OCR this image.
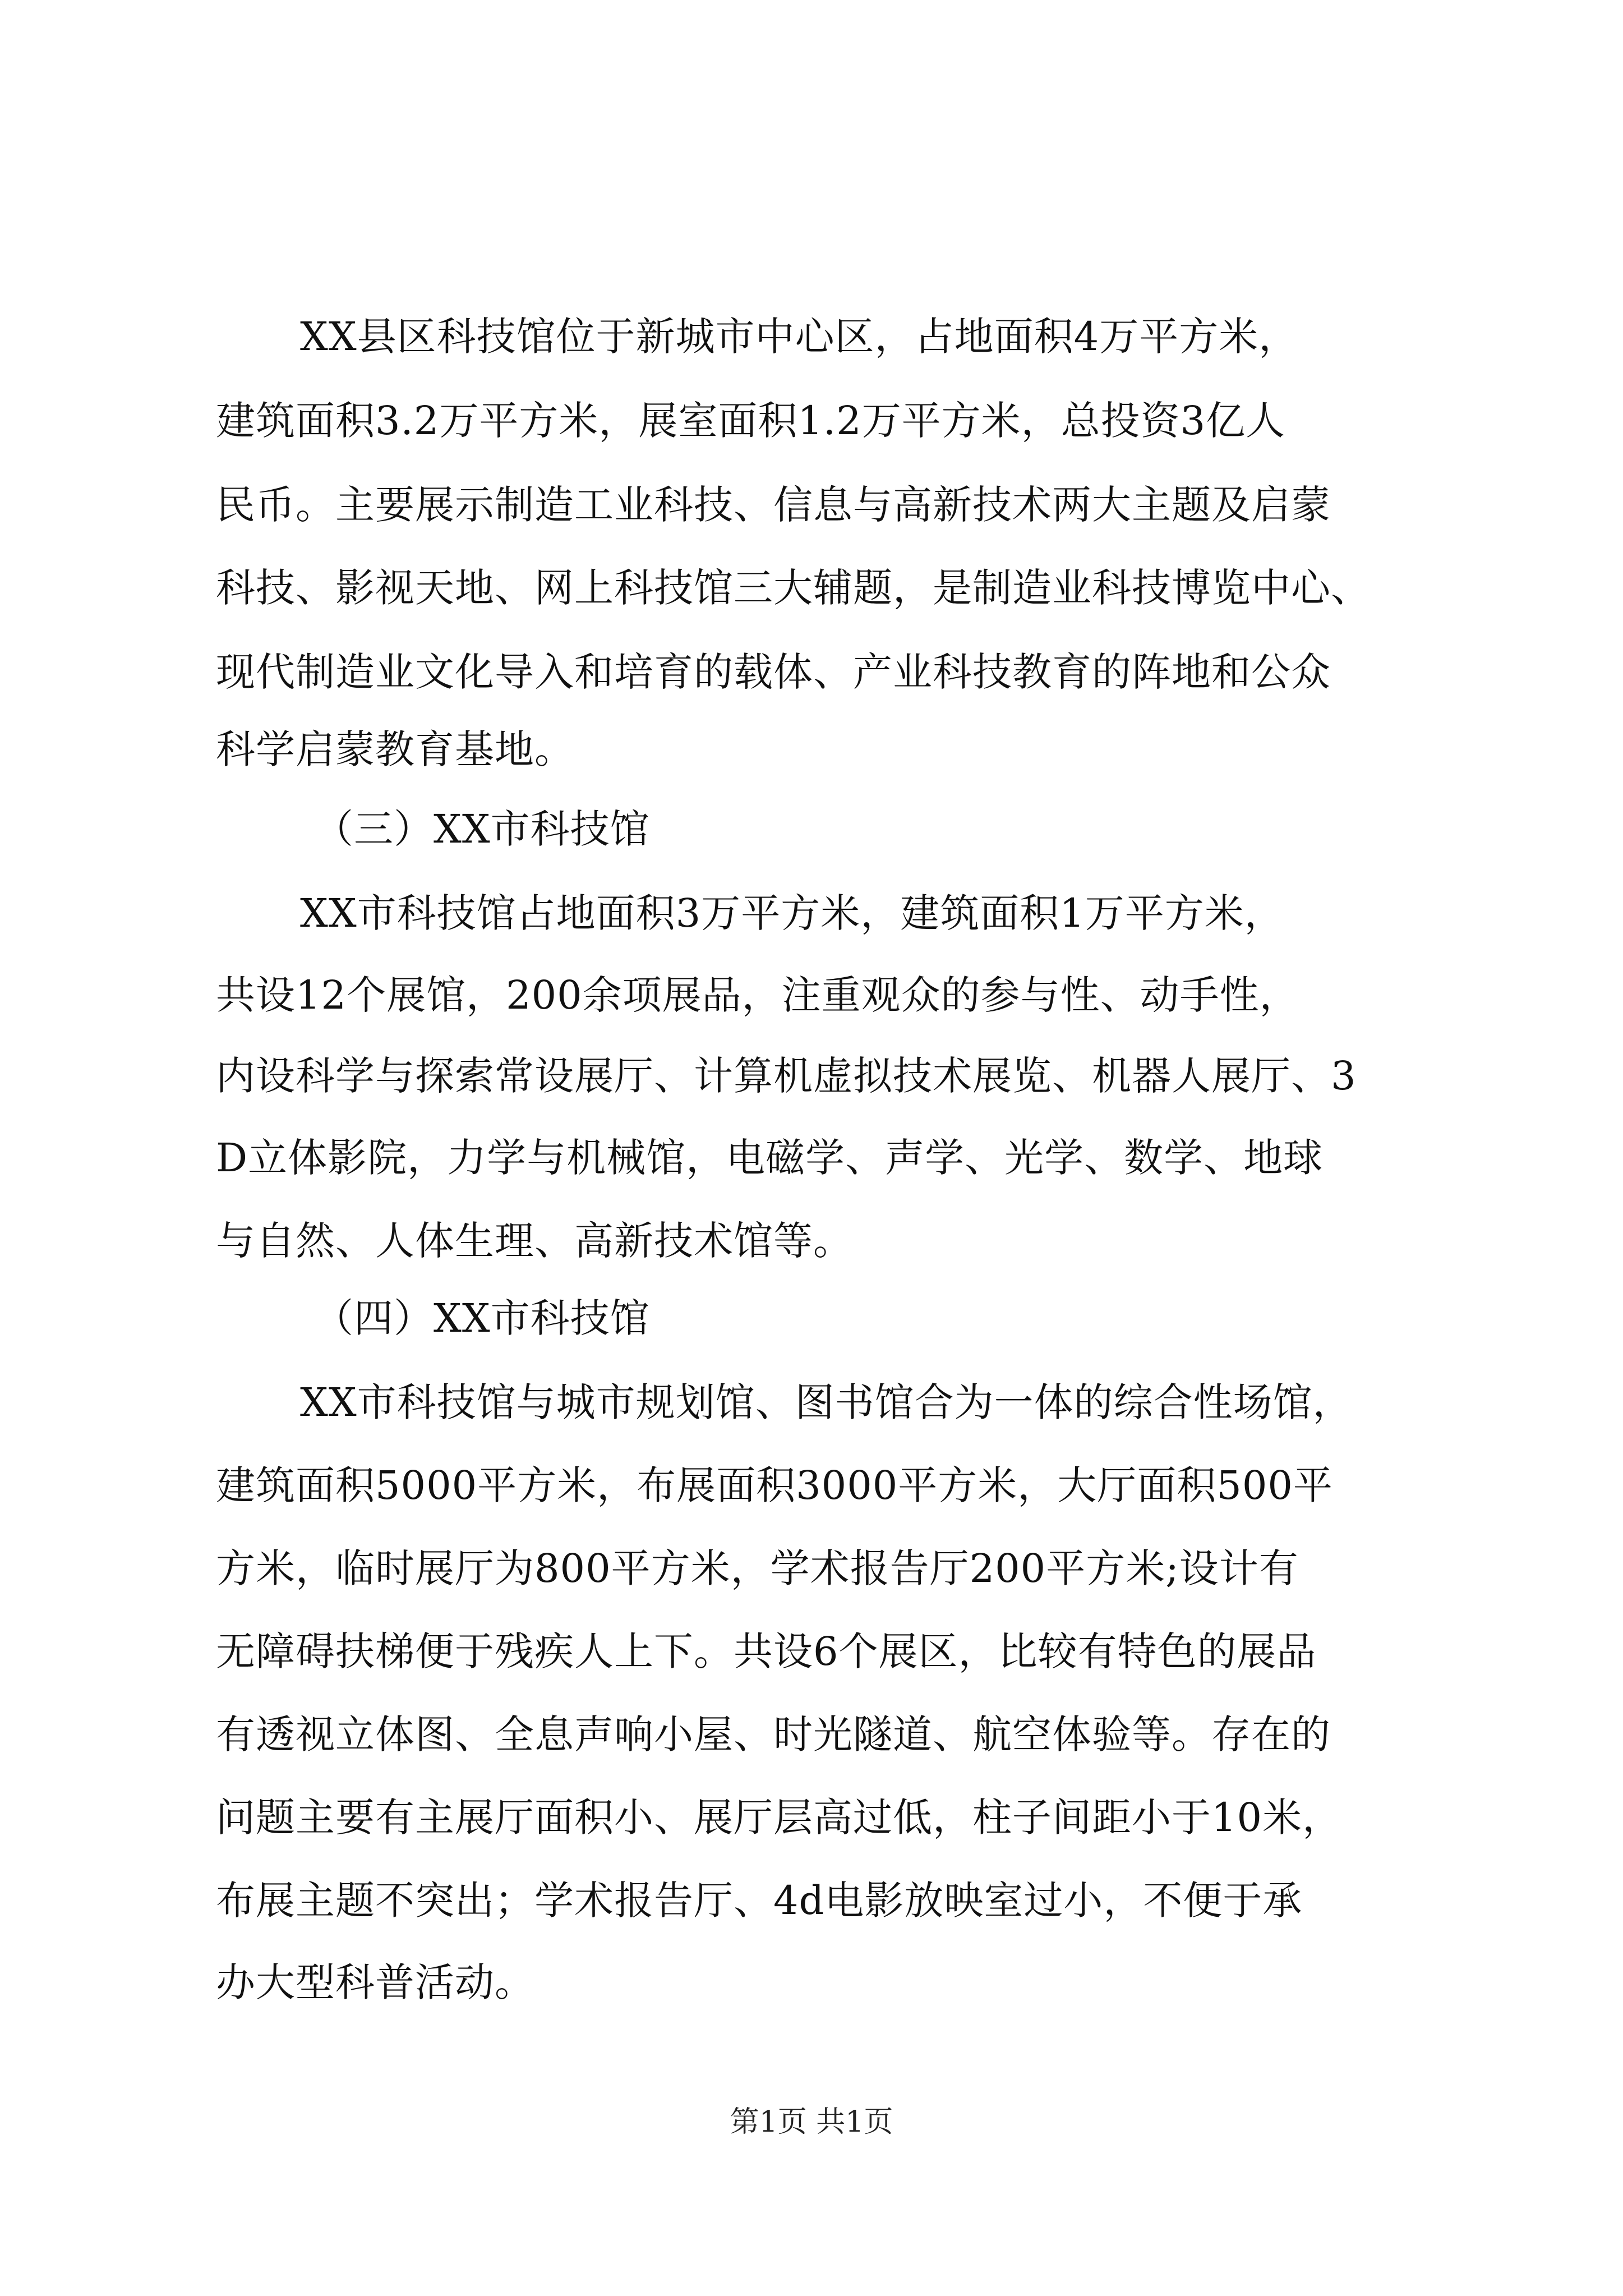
XX县区科技馆位于新城市中心区，占地面积4万平方米，
建筑面积3.2万平方米，展室面积1.2万平方米，总投资3亿人
民币。主要展示制造工业科技、信息与高新技术两大主题及启蒙
科技、影视天地、网上科技馆三大辅题，是制造业科技博览中心、
现代制造业文化导入和培育的载体、产业科技教育的阵地和公众
科学启蒙教育基地。
（三）XX市科技馆
XX市科技馆占地面积3万平方米，建筑面积1万平方米，
共设12个展馆，200余项展品，注重观众的参与性、动手性，
内设科学与探索常设展厅、计算机虚拟技术展览、机器人展厅、3
D立体影院，力学与机械馆，电磁学、声学、光学、数学、地球
与自然、人体生理、高新技术馆等。
（四）XX市科技馆
XX市科技馆与城市规划馆、图书馆合为一体的综合性场馆，
建筑面积5000平方米，布展面积3000平方米，大厅面积500平
方米，临时展厅为800平方米，学术报告厅200平方米;设计有
无障碍扶梯便于残疾人上下。共设6个展区，比较有特色的展品
有透视立体图、全息声响小屋、时光隧道、航空体验等。存在的
问题主要有主展厅面积小、展厅层高过低，柱子间距小于10米，
布展主题不突出；学术报告厅、4d电影放映室过小，不便于承
办大型科普活动。
第1页 共1页
